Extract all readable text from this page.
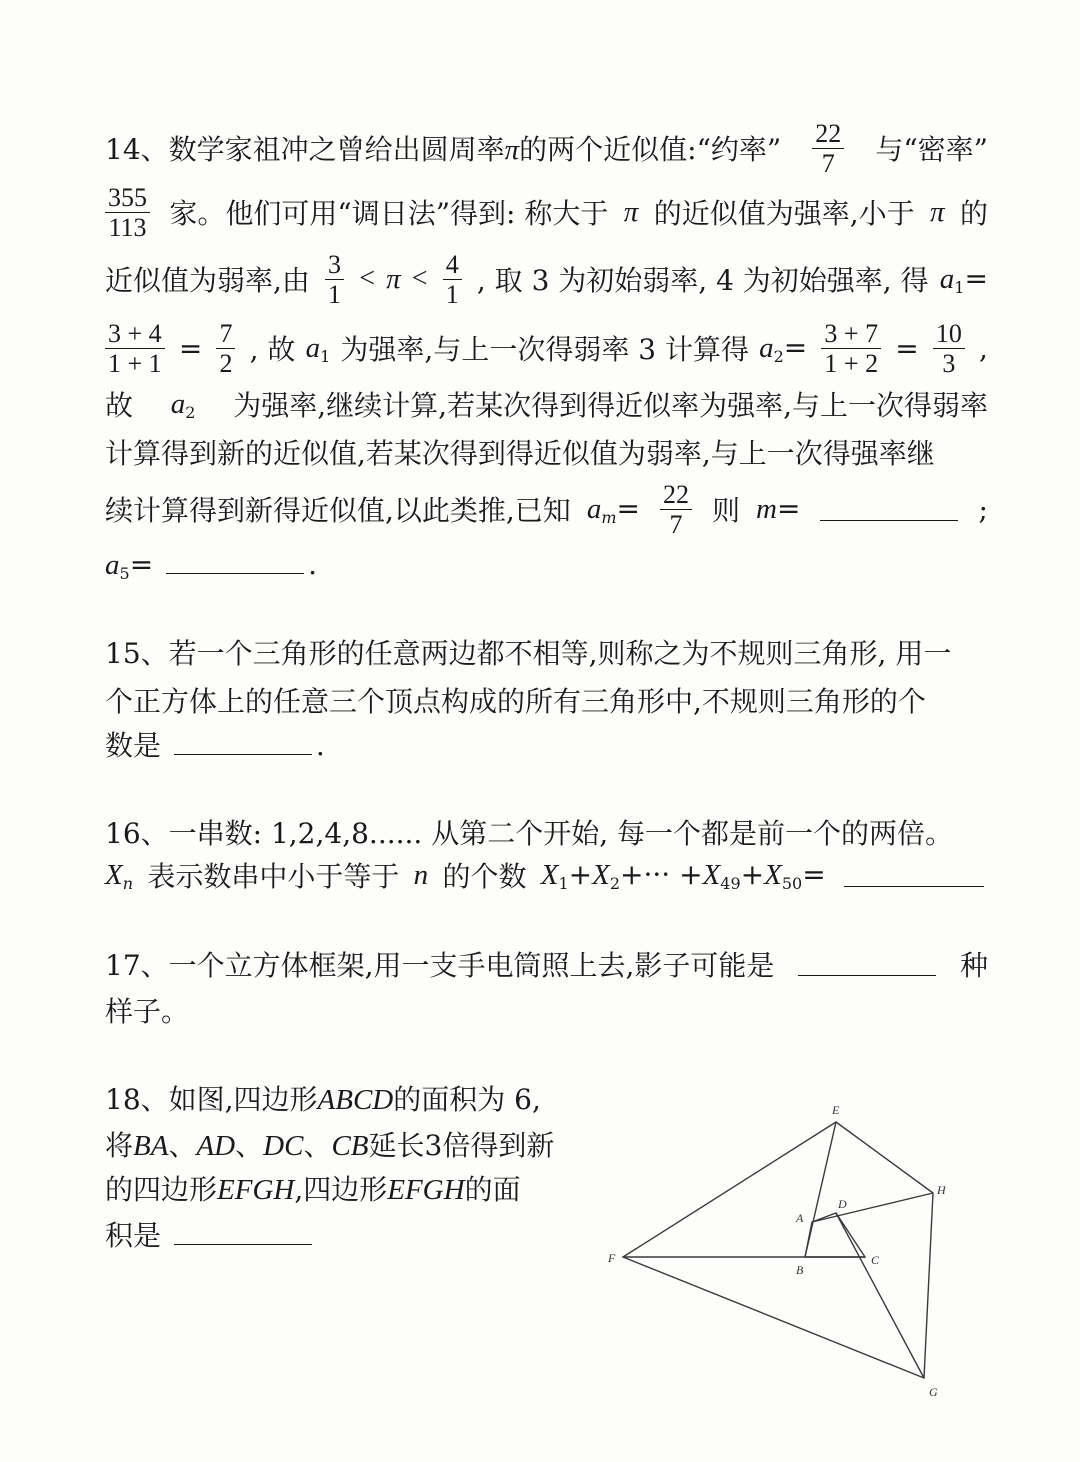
14、数学家祖冲之曾给出圆周率π的两个近似值:“约率” $\frac{22}{7}$ 与“密率”
$\frac{355}{113}$ 家。他们可用“调日法”得到: 称大于 π 的近似值为强率,小于 π 的
近似值为弱率,由 $\frac{3}{1} < \pi < \frac{4}{1}$ , 取 3 为初始弱率, 4 为初始强率, 得 $a_1=$
$\frac{3 + 4}{1 + 1} = \frac{7}{2}$ , 故 $a_1$ 为强率,与上一次得弱率 3 计算得 $a_2= \frac{3 + 7}{1 + 2} = \frac{10}{3}$ ,
故 $a_2$ 为强率,继续计算,若某次得到得近似率为强率,与上一次得弱率
计算得到新的近似值,若某次得到得近似值为弱率,与上一次得强率继
续计算得到新得近似值,以此类推,已知 $a_m= \frac{22}{7}$ 则 m=	;
$a_5=$	.
15、若一个三角形的任意两边都不相等,则称之为不规则三角形, 用一
个正方体上的任意三个顶点构成的所有三角形中,不规则三角形的个
数是	.
16、一串数: 1,2,4,8...... 从第二个开始, 每一个都是前一个的两倍。
$X_n$ 表示数串中小于等于 n 的个数 $X_1+X_2+\cdot\cdot\cdot +X_{49}+X_{50}=$
17、一个立方体框架,用一支手电筒照上去,影子可能是	种
样子。
18、如图,四边形ABCD的面积为 6,
将BA、AD、DC、CB延长3倍得到新
的四边形EFGH,四边形EFGH的面
积是
E
H
F
G
A
D
B
C
